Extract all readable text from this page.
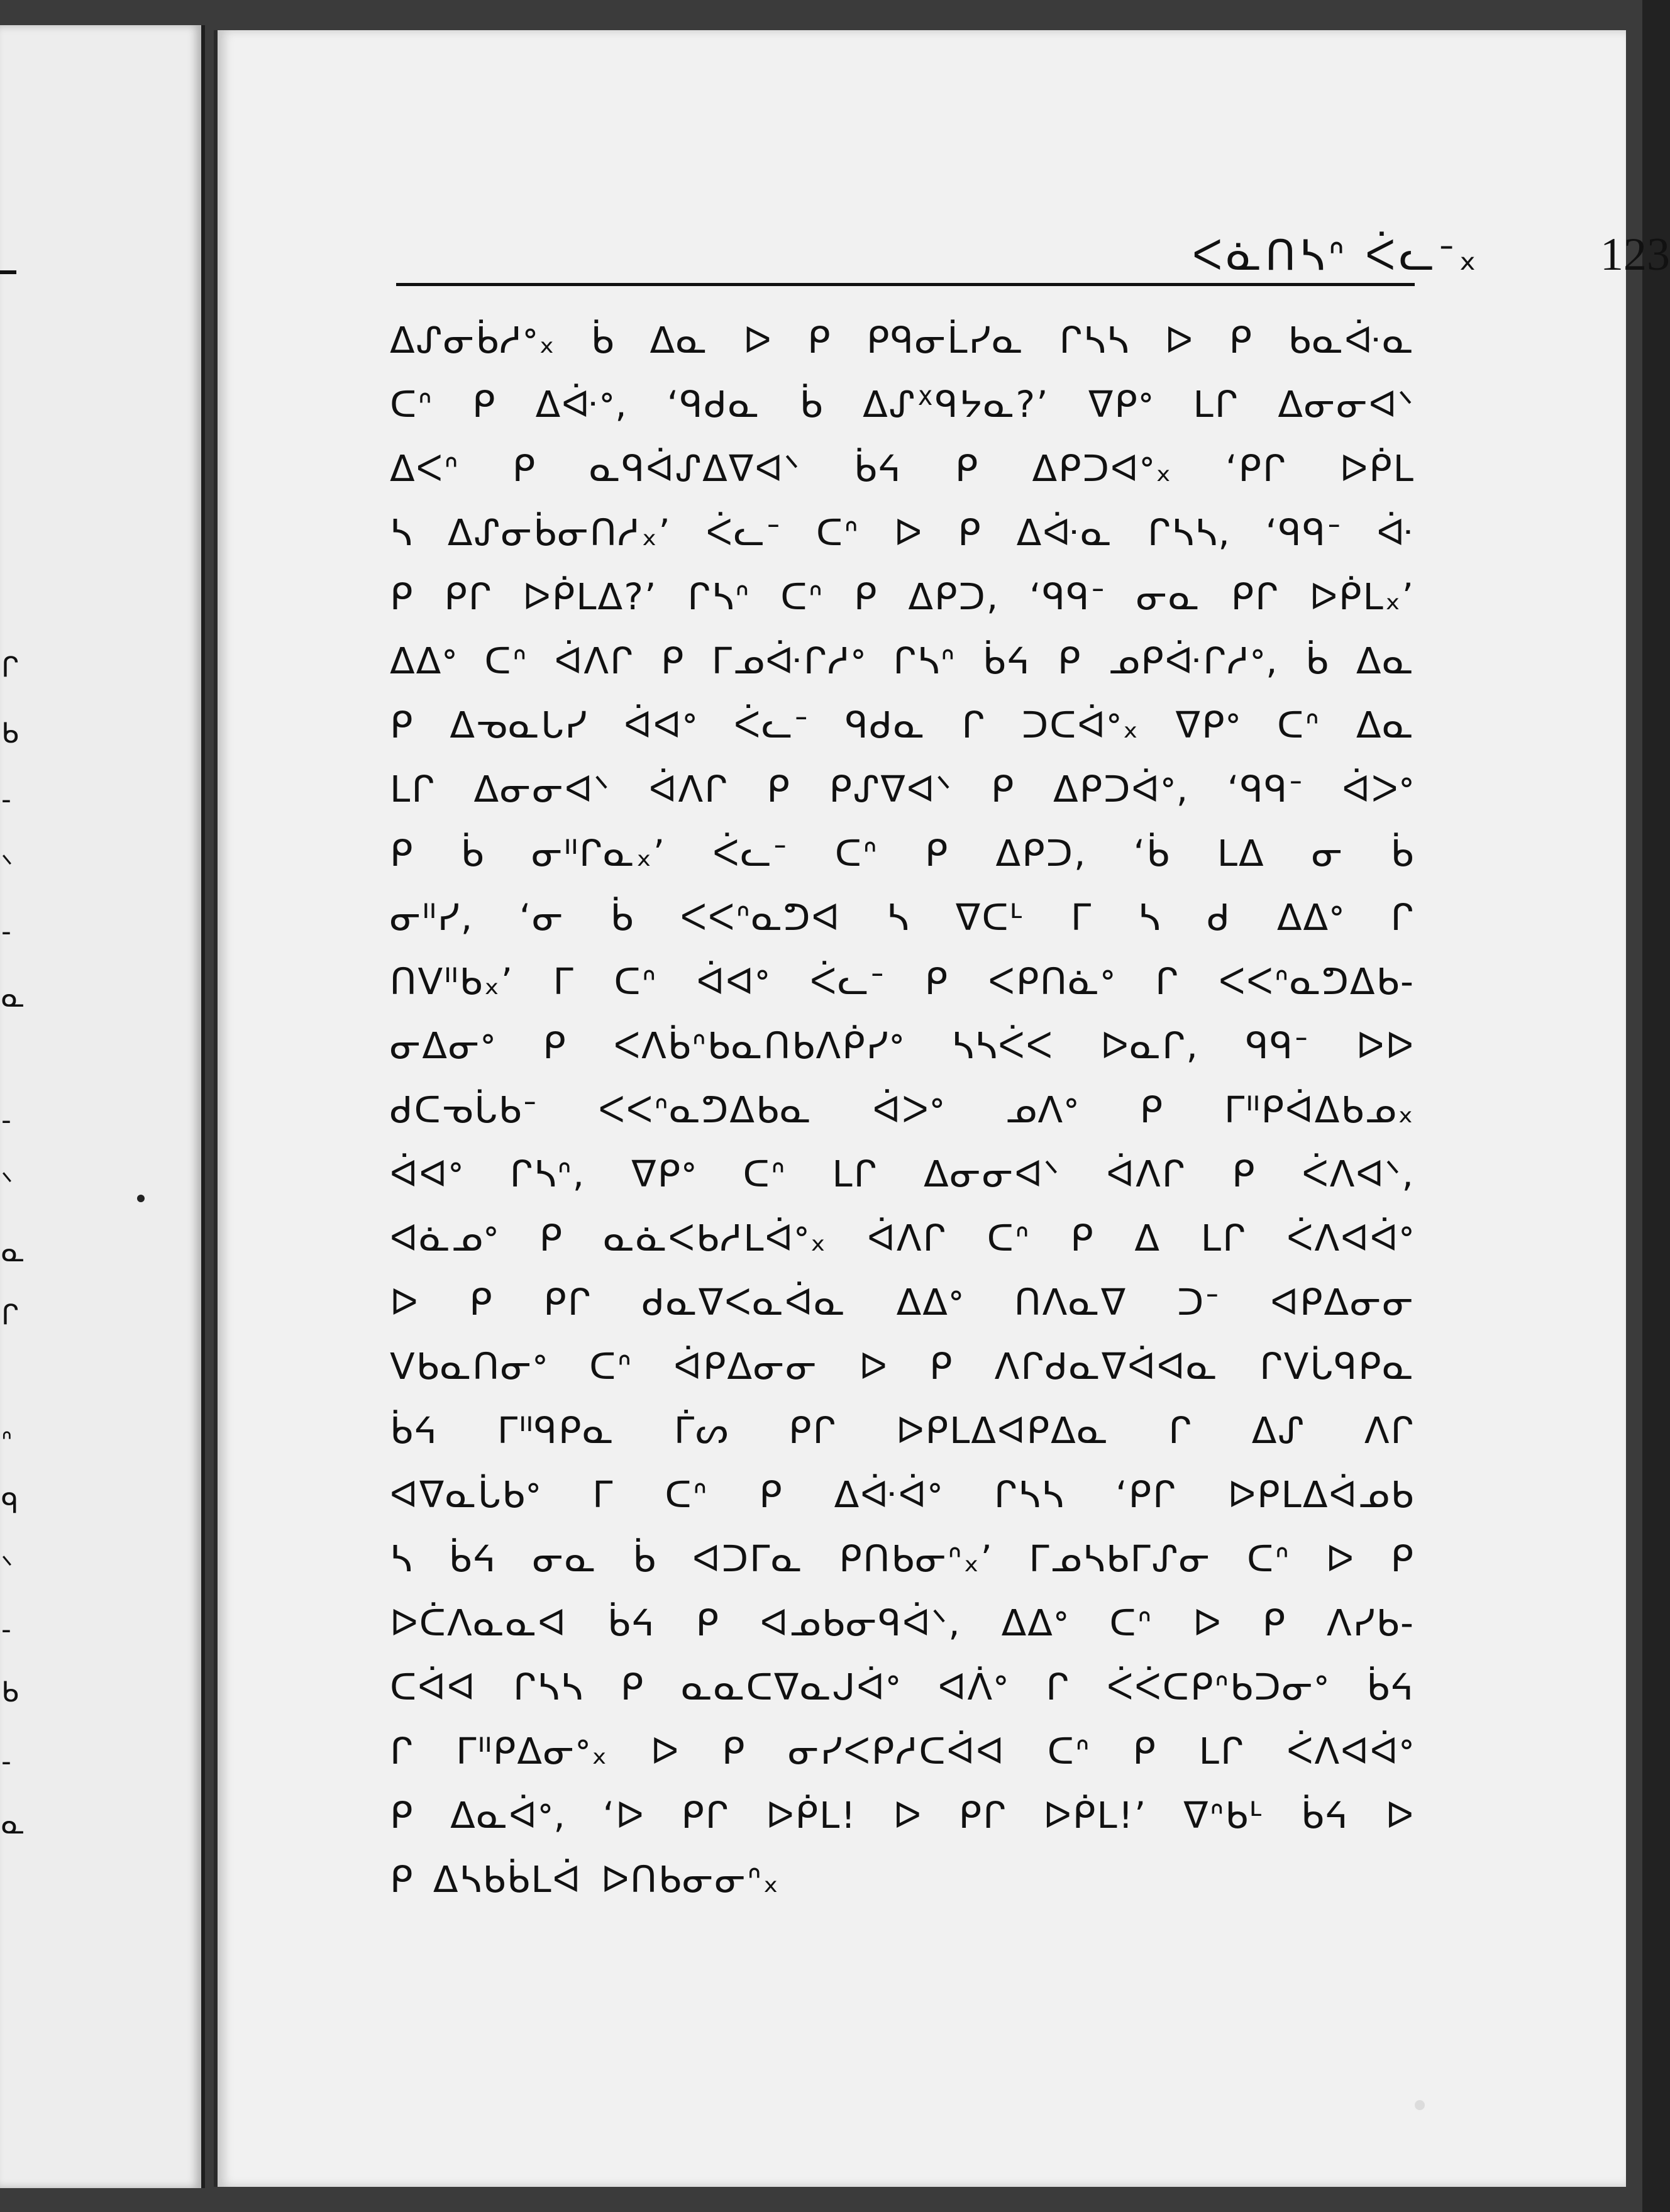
ᒋ
ᑲ
-
ᐠ
-
ᓇ
-
ᐠ
ᓇ
ᒋ
ᐢ
ᑫ
ᐠ
-
ᑲ
-
ᓇ
ᐸᓈᑎᓴᐢ ᐹᓚᐨ᙮	123
ᐃᔑᓂᑳᓱᐤ᙮ ᑳ ᐃᓇ ᐅ ᑭ ᑭᑫᓂᒫᓯᓇ ᒋᓴᓴ ᐅ ᑭ ᑲᓇᐚᓇ
ᑕᐢ ᑭ ᐃᐚᐤ, ‘ᑫᑯᓇ ᑳ ᐃᔑᕽᑫᔭᓇ?’ ᐁᑭᐤ ᒪᒋ ᐃᓂᓂᐊᐠ
ᐃᐸᐢ ᑭ ᓇᑫᐋᔑᐃᐁᐊᐠ ᑳᔦ ᑭ ᐃᑭᑐᐊᐤ᙮ ‘ᑭᒋ ᐅᑮᒪ
ᓴ ᐃᔑᓂᑳᓂᑎᓱ᙮’ ᐹᓚᐨ ᑕᐢ ᐅ ᑭ ᐃᐚᓇ ᒋᓴᓴ, ‘ᑫᑫᐨ ᐚ
ᑭ ᑭᒋ ᐅᑮᒪᐃ?’ ᒋᓴᐢ ᑕᐢ ᑭ ᐃᑭᑐ, ‘ᑫᑫᐨ ᓂᓇ ᑭᒋ ᐅᑮᒪ᙮’
ᐃᐃᐤ ᑕᐢ ᐋᐱᒋ ᑭ ᒥᓄᐚᒋᓱᐤ ᒋᓴᐢ ᑳᔦ ᑭ ᓄᑭᐚᒋᓱᐤ, ᑳ ᐃᓇ
ᑭ ᐃᓀᓇᒐᓯ ᐋᐊᐤ ᐹᓚᐨ ᑫᑯᓇ ᒋ ᑐᑕᐋᐤ᙮ ᐁᑭᐤ ᑕᐢ ᐃᓇ
ᒪᒋ ᐃᓂᓂᐊᐠ ᐋᐱᒋ ᑭ ᑭᔑᐁᐊᐠ ᑭ ᐃᑭᑐᐋᐤ, ‘ᑫᑫᐨ ᐋᐳᐤ
ᑭ ᑳ ᓂᐦᒋᓇ᙮’ ᐹᓚᐨ ᑕᐢ ᑭ ᐃᑭᑐ, ‘ᑳ ᒪᐃ ᓂ ᑳ
ᓂᐦᓯ, ‘ᓂ ᑳ ᐸᐸᐢᓇᕤᐊ ᓴ ᐁᑕᒻ ᒥ ᓴ ᑯ ᐃᐃᐤ ᒋ
ᑎᐯᐦᑲ᙮’ ᒥ ᑕᐢ ᐋᐊᐤ ᐹᓚᐨ ᑭ ᐸᑭᑎᓈᐤ ᒋ ᐸᐸᐢᓇᕤᐃᑲ-
ᓂᐃᓂᐤ ᑭ ᐸᐱᑳᐢᑲᓇᑎᑲᐱᑮᓯᐤ ᓴᓴᐹᐸ ᐅᓇᒋ, ᑫᑫᐨ ᐅᐅ
ᑯᑕᓀᒑᑲᐨ ᐸᐸᐢᓇᕤᐃᑲᓇ ᐋᐳᐤ ᓄᐱᐤ ᑭ ᒥᐦᑭᐋᐃᑲᓄ᙮
ᐋᐊᐤ ᒋᓴᐢ, ᐁᑭᐤ ᑕᐢ ᒪᒋ ᐃᓂᓂᐊᐠ ᐋᐱᒋ ᑭ ᐹᐱᐊᐠ,
ᐊᓈᓄᐤ ᑭ ᓇᓈᐸᑲᓱᒪᐋᐤ᙮ ᐋᐱᒋ ᑕᐢ ᑭ ᐃ ᒪᒋ ᐹᐱᐊᐋᐤ
ᐅ ᑭ ᑭᒋ ᑯᓇᐁᐸᓇᐋᓇ ᐃᐃᐤ ᑎᐱᓇᐁ ᑐᐨ ᐊᑭᐃᓂᓂ
ᐯᑲᓇᑎᓂᐤ ᑕᐢ ᐋᑭᐃᓂᓂ ᐅ ᑭ ᐱᒋᑯᓇᐁᐋᐊᓇ ᒋᐯᒑᑫᑭᓇ
ᑳᔦ ᒥᐦᑫᑭᓇ ᒦᔕ ᑭᒋ ᐅᑭᒪᐃᐊᑭᐃᓇ ᒋ ᐃᔑ ᐱᒋ
ᐊᐁᓇᒑᑲᐤ ᒥ ᑕᐢ ᑭ ᐃᐚᐋᐤ ᒋᓴᓴ ‘ᑭᒋ ᐅᑭᒪᐃᐋᓄᑲ
ᓴ ᑳᔦ ᓂᓇ ᑳ ᐊᑐᒥᓇ ᑭᑎᑲᓂᐢ᙮’ ᒥᓄᓴᑲᒥᔑᓂ ᑕᐢ ᐅ ᑭ
ᐅᑖᐱᓇᓇᐊ ᑳᔦ ᑭ ᐊᓄᑲᓂᑫᐋᐠ, ᐃᐃᐤ ᑕᐢ ᐅ ᑭ ᐱᓯᑲ-
ᑕᐋᐊ ᒋᓴᓴ ᑭ ᓇᓇᑕᐁᓇᒍᐋᐤ ᐊᐲᐤ ᒋ ᐹᐹᑕᑭᐢᑲᑐᓂᐤ ᑳᔦ
ᒋ ᒥᐦᑭᐃᓂᐤ᙮ ᐅ ᑭ ᓂᓯᐸᑭᓱᑕᐋᐊ ᑕᐢ ᑭ ᒪᒋ ᐹᐱᐊᐋᐤ
ᑭ ᐃᓇᐋᐤ, ‘ᐅ ᑭᒋ ᐅᑮᒪ! ᐅ ᑭᒋ ᐅᑮᒪ!’ ᐁᐢᑲᒻ ᑳᔦ ᐅ
ᑭ ᐃᓴᑲᑳᒪᐋ ᐅᑎᑲᓂᓂᐢ᙮
